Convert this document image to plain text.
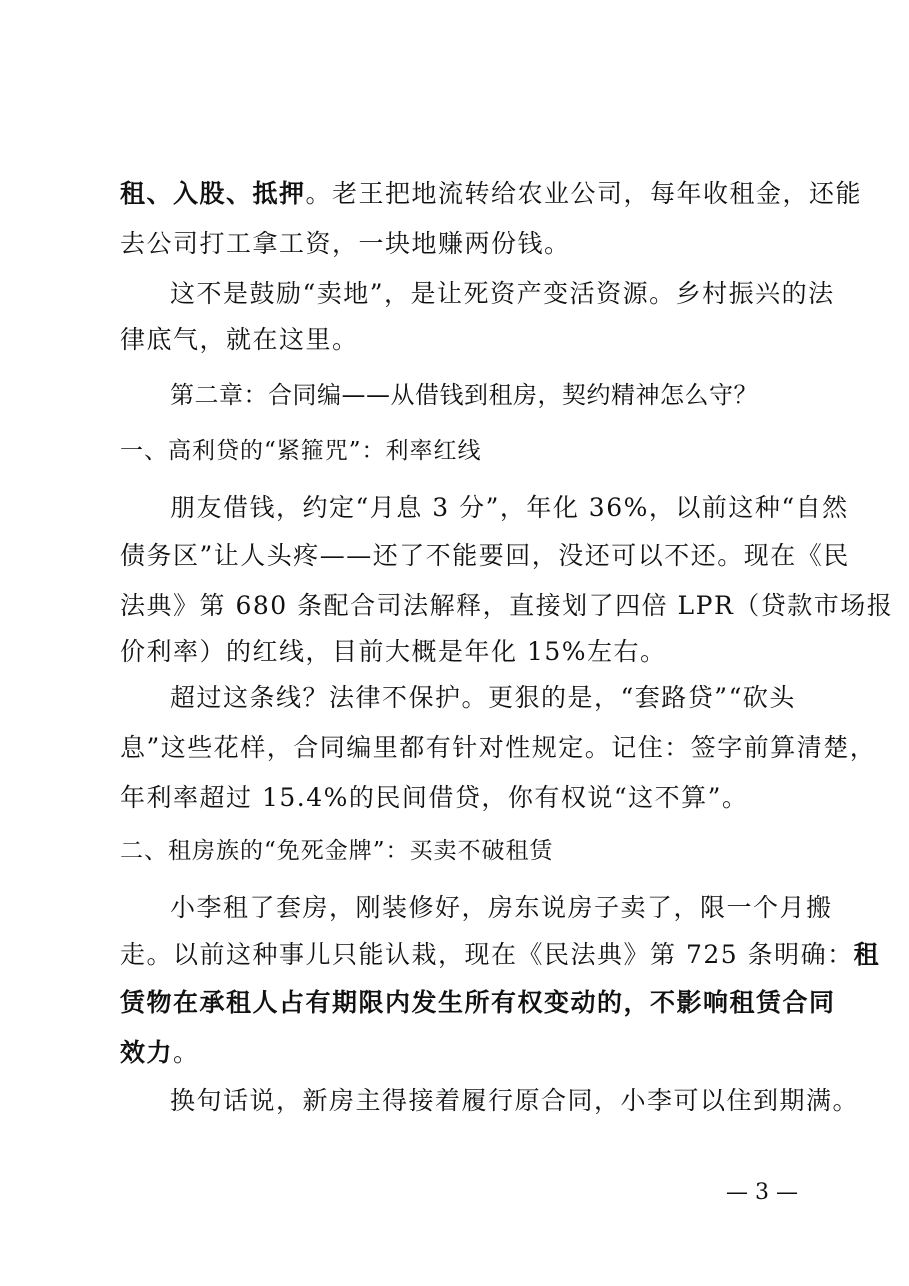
租、入股、抵押。老王把地流转给农业公司，每年收租金，还能
去公司打工拿工资，一块地赚两份钱。
这不是鼓励“卖地”，是让死资产变活资源。乡村振兴的法
律底气，就在这里。
第二章：合同编——从借钱到租房，契约精神怎么守？
一、高利贷的“紧箍咒”：利率红线
朋友借钱，约定“月息 3 分”，年化 36%，以前这种“自然
债务区”让人头疼——还了不能要回，没还可以不还。现在《民
法典》第 680 条配合司法解释，直接划了四倍 LPR（贷款市场报
价利率）的红线，目前大概是年化 15%左右。
超过这条线？法律不保护。更狠的是，“套路贷”“砍头
息”这些花样，合同编里都有针对性规定。记住：签字前算清楚，
年利率超过 15.4%的民间借贷，你有权说“这不算”。
二、租房族的“免死金牌”：买卖不破租赁
小李租了套房，刚装修好，房东说房子卖了，限一个月搬
走。以前这种事儿只能认栽，现在《民法典》第 725 条明确：租
赁物在承租人占有期限内发生所有权变动的，不影响租赁合同
效力。
换句话说，新房主得接着履行原合同，小李可以住到期满。
— 3 —
